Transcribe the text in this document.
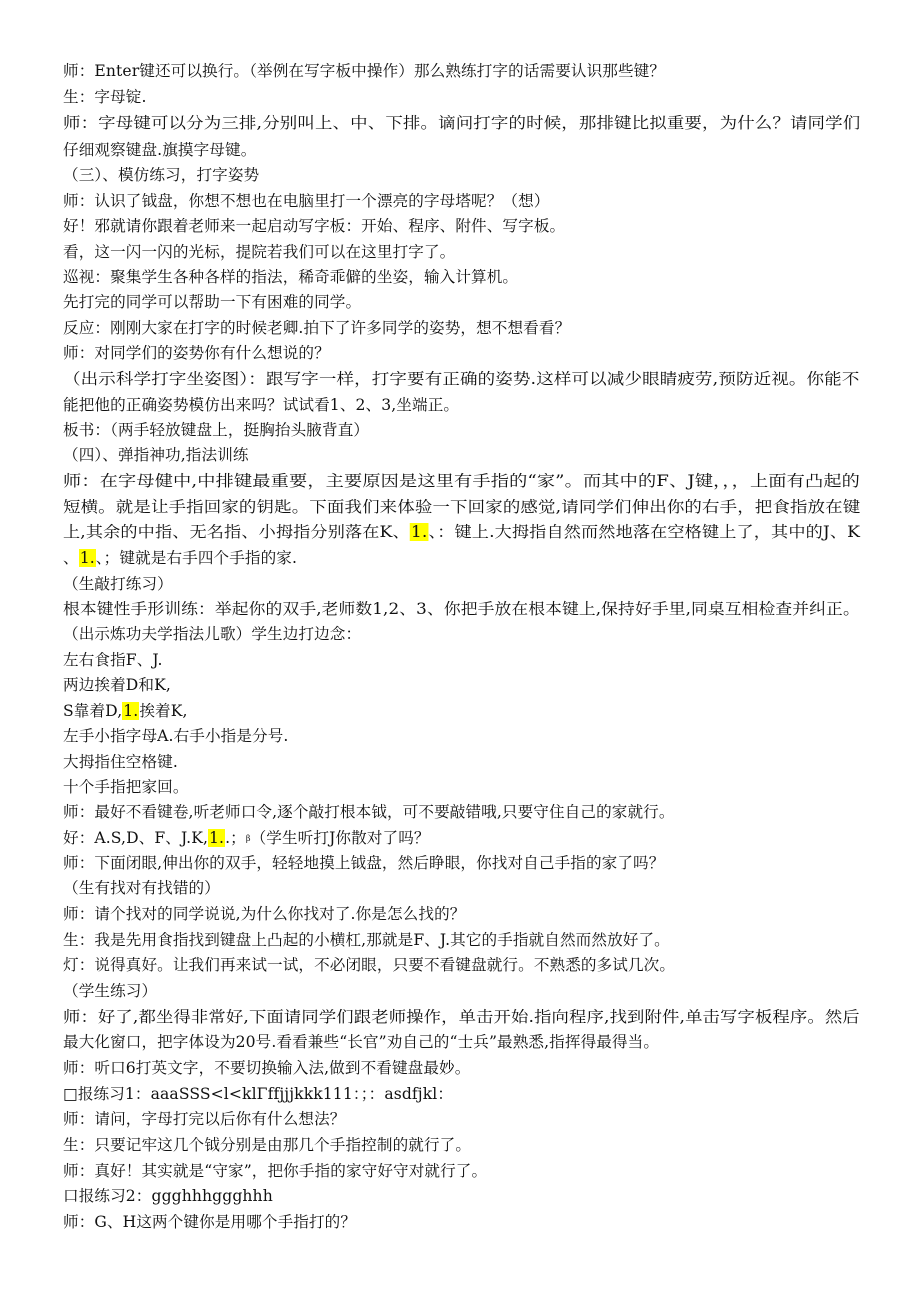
师：Enter键还可以换行。（举例在写字板中操作）那么熟练打字的话需要认识那些键？
生：字母锭.
师：字母键可以分为三排,分别叫上、中、下排。谪问打字的时候，那排键比拟重要，为什么？请同学们
仔细观察键盘.旗摸字母键。
（三）、模仿练习，打字姿势
师：认识了钺盘，你想不想也在电脑里打一个漂亮的字母塔呢？（想）
好！邪就请你跟着老师来一起启动写字板：开始、程序、附件、写字板。
看，这一闪一闪的光标，提院若我们可以在这里打字了。
巡视：聚集学生各种各样的指法，稀奇乖僻的坐姿，输入计算机。
先打完的同学可以帮助一下有困难的同学。
反应：刚刚大家在打字的时候老卿.拍下了许多同学的姿势，想不想看看？
师：对同学们的姿势你有什么想说的？
（出示科学打字坐姿图）：跟写字一样，打字要有正确的姿势.这样可以减少眼睛疲劳,预防近视。你能不
能把他的正确姿势模仿出来吗？试试看1、2、3,坐端正。
板书：（两手轻放键盘上，挺胸抬头腋背直）
（四）、弹指神功,指法训练
师：在字母健中,中排键最重要，主要原因是这里有手指的“家”。而其中的F、J键，，，上面有凸起的
短横。就是让手指回家的钥匙。下面我们来体验一下回家的感觉,请同学们伸出你的右手，把食指放在键
上,其余的中指、无名指、小拇指分别落在K、1.、：键上.大拇指自然而然地落在空格键上了，其中的J、K
、1.、；键就是右手四个手指的家.
（生敲打练习）
根本键性手形训练：举起你的双手,老师数1,2、3、你把手放在根本键上,保持好手里,同桌互相检查并纠正。
（出示炼功夫学指法儿歌）学生边打边念：
左右食指F、J.
两边挨着D和K,
S靠着D,1.挨着K,
左手小指字母A.右手小指是分号.
大拇指住空格键.
十个手指把家回。
师：最好不看键卷,听老师口令,逐个敲打根本钺，可不要敲错哦,只要守住自己的家就行。
好：A.S,D、F、J.K,1..；β（学生听打J你散对了吗？
师：下面闭眼,伸出你的双手，轻轻地摸上钺盘，然后睁眼，你找对自己手指的家了吗？
（生有找对有找错的）
师：请个找对的同学说说,为什么你找对了.你是怎么找的？
生：我是先用食指找到键盘上凸起的小横杠,那就是F、J.其它的手指就自然而然放好了。
灯：说得真好。让我们再来试一试，不必闭眼，只要不看键盘就行。不熟悉的多试几次。
（学生练习）
师：好了,都坐得非常好,下面请同学们跟老师操作，单击开始.指向程序,找到附件,单击写字板程序。然后
最大化窗口，把字体设为20号.看看兼些“长官”劝自己的“士兵”最熟悉,指挥得最得当。
师：听口6打英文字，不要切换输入法,做到不看键盘最妙。
□报练习1：aaaSSS<l<klΓffjjjkkk111：；：asdfjkl：
师：请问，字母打完以后你有什么想法？
生：只要记牢这几个钺分别是由那几个手指控制的就行了。
师：真好！其实就是“守家”，把你手指的家守好守对就行了。
口报练习2：ggghhhggghhh
师：G、H这两个键你是用哪个手指打的？
